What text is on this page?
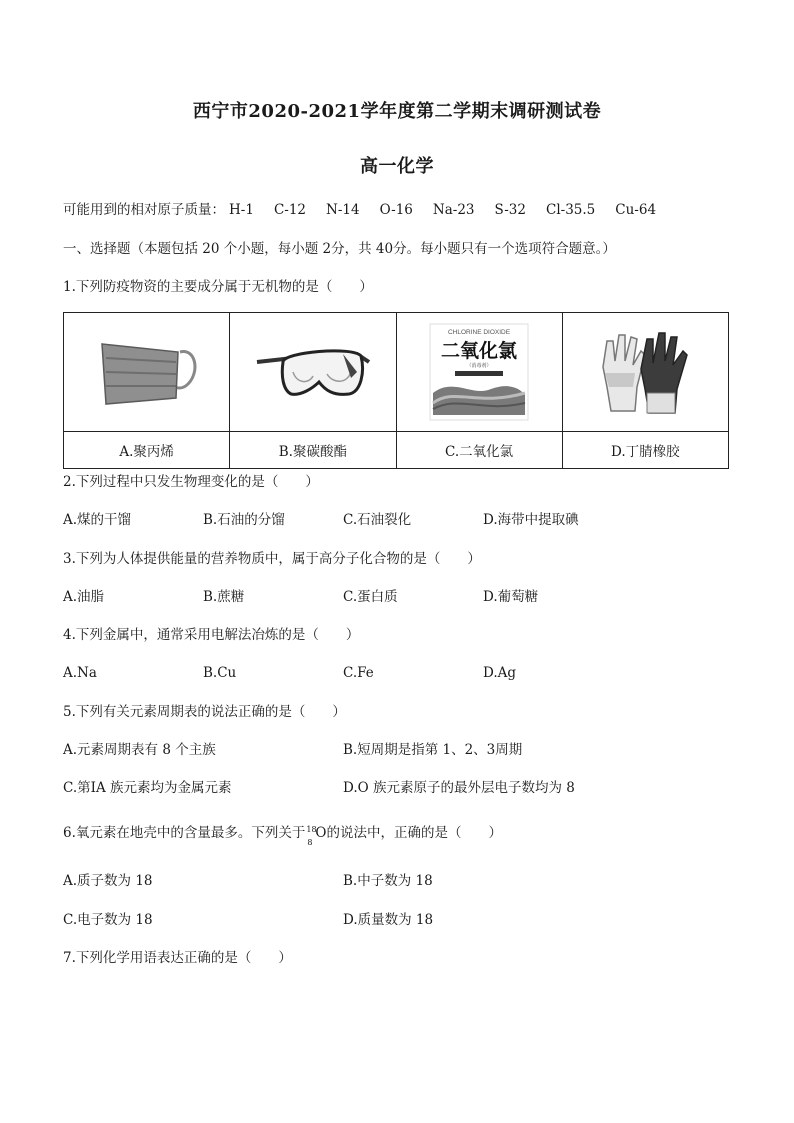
西宁市2020-2021学年度第二学期末调研测试卷
高一化学
可能用到的相对原子质量： H-1 C-12 N-14 O-16 Na-23 S-32 Cl-35.5 Cu-64
一、选择题（本题包括 20 个小题，每小题 2分，共 40分。每小题只有一个选项符合题意。）
1.下列防疫物资的主要成分属于无机物的是（　　）

CHLORINE DIOXIDE
二氧化氯
（消毒剂）

A.聚丙烯	B.聚碳酸酯	C.二氧化氯	D.丁腈橡胶
2.下列过程中只发生物理变化的是（　　）
A.煤的干馏	B.石油的分馏	C.石油裂化	D.海带中提取碘
3.下列为人体提供能量的营养物质中，属于高分子化合物的是（　　）
A.油脂	B.蔗糖	C.蛋白质	D.葡萄糖
4.下列金属中，通常采用电解法冶炼的是（　　）
A.Na	B.Cu	C.Fe	D.Ag
5.下列有关元素周期表的说法正确的是（　　）
A.元素周期表有 8 个主族	B.短周期是指第 1、2、3周期
C.第ⅠA 族元素均为金属元素	D.O 族元素原子的最外层电子数均为 8
6.氧元素在地壳中的含量最多。下列关于 18
8
O的说法中，正确的是（　　）
A.质子数为 18	B.中子数为 18
C.电子数为 18	D.质量数为 18
7.下列化学用语表达正确的是（　　）
